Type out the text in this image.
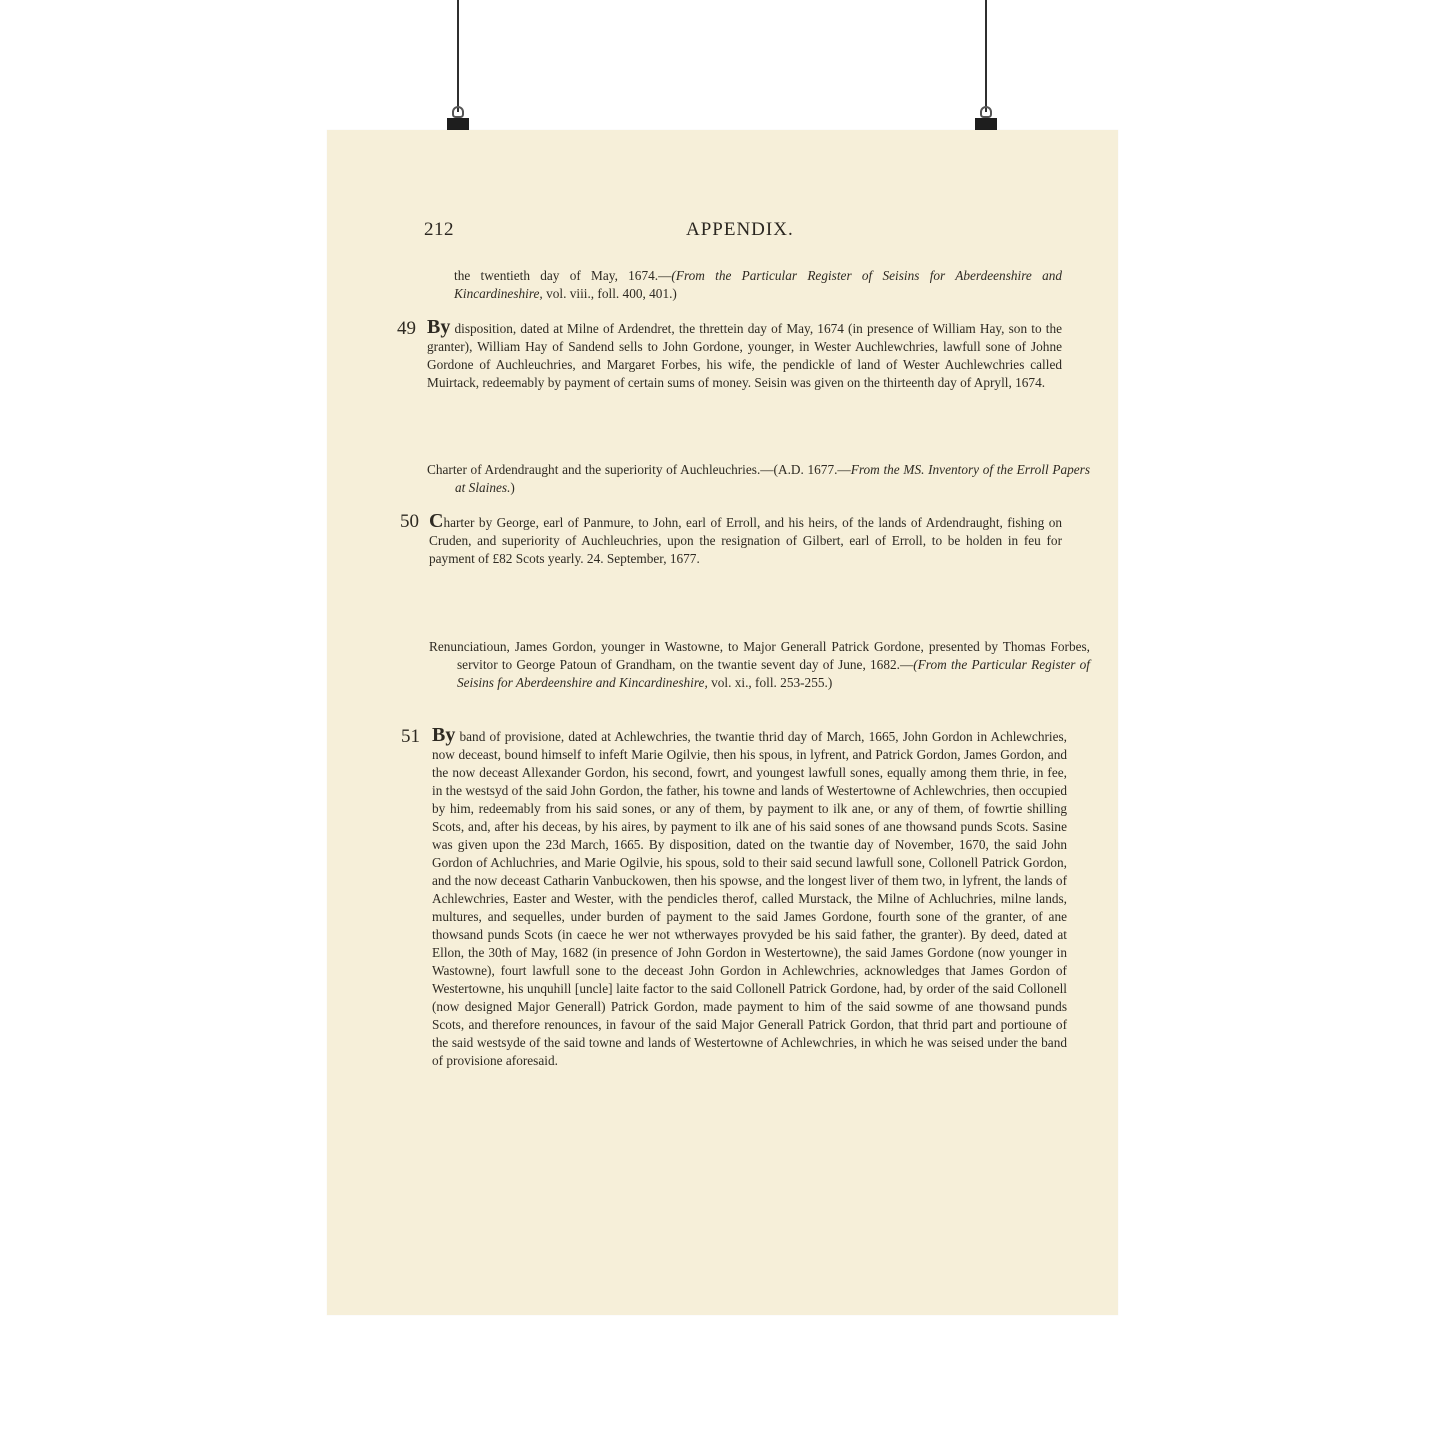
212	APPENDIX.
the twentieth day of May, 1674.—(From the Particular Register of Seisins for Aberdeenshire and Kincardineshire, vol. viii., foll. 400, 401.)
49 By disposition, dated at Milne of Ardendret, the threttein day of May, 1674 (in presence of William Hay, son to the granter), William Hay of Sandend sells to John Gordone, younger, in Wester Auchlewchries, lawfull sone of Johne Gordone of Auchleuchries, and Margaret Forbes, his wife, the pendickle of land of Wester Auchlewchries called Muirtack, redeemably by payment of certain sums of money. Seisin was given on the thirteenth day of Apryll, 1674.
Charter of Ardendraught and the superiority of Auchleuchries.—(A.D. 1677.—From the MS. Inventory of the Erroll Papers at Slaines.)
50 Charter by George, earl of Panmure, to John, earl of Erroll, and his heirs, of the lands of Ardendraught, fishing on Cruden, and superiority of Auchleuchries, upon the resignation of Gilbert, earl of Erroll, to be holden in feu for payment of £82 Scots yearly. 24. September, 1677.
Renunciatioun, James Gordon, younger in Wastowne, to Major Generall Patrick Gordone, presented by Thomas Forbes, servitor to George Patoun of Grandham, on the twantie sevent day of June, 1682.—(From the Particular Register of Seisins for Aberdeenshire and Kincardineshire, vol. xi., foll. 253-255.)
51 By band of provisione, dated at Achlewchries, the twantie thrid day of March, 1665, John Gordon in Achlewchries, now deceast, bound himself to infeft Marie Ogilvie, then his spous, in lyfrent, and Patrick Gordon, James Gordon, and the now deceast Allexander Gordon, his second, fowrt, and youngest lawfull sones, equally among them thrie, in fee, in the westsyd of the said John Gordon, the father, his towne and lands of Westertowne of Achlewchries, then occupied by him, redeemably from his said sones, or any of them, by payment to ilk ane, or any of them, of fowrtie shilling Scots, and, after his deceas, by his aires, by payment to ilk ane of his said sones of ane thowsand punds Scots. Sasine was given upon the 23d March, 1665. By disposition, dated on the twantie day of November, 1670, the said John Gordon of Achluchries, and Marie Ogilvie, his spous, sold to their said secund lawfull sone, Collonell Patrick Gordon, and the now deceast Catharin Vanbuckowen, then his spowse, and the longest liver of them two, in lyfrent, the lands of Achlewchries, Easter and Wester, with the pendicles therof, called Murstack, the Milne of Achluchries, milne lands, multures, and sequelles, under burden of payment to the said James Gordone, fourth sone of the granter, of ane thowsand punds Scots (in caece he wer not wtherwayes provyded be his said father, the granter). By deed, dated at Ellon, the 30th of May, 1682 (in presence of John Gordon in Westertowne), the said James Gordone (now younger in Wastowne), fourt lawfull sone to the deceast John Gordon in Achlewchries, acknowledges that James Gordon of Westertowne, his unquhill [uncle] laite factor to the said Collonell Patrick Gordone, had, by order of the said Collonell (now designed Major Generall) Patrick Gordon, made payment to him of the said sowme of ane thowsand punds Scots, and therefore renounces, in favour of the said Major Generall Patrick Gordon, that thrid part and portioune of the said westsyde of the said towne and lands of Westertowne of Achlewchries, in which he was seised under the band of provisione aforesaid.
